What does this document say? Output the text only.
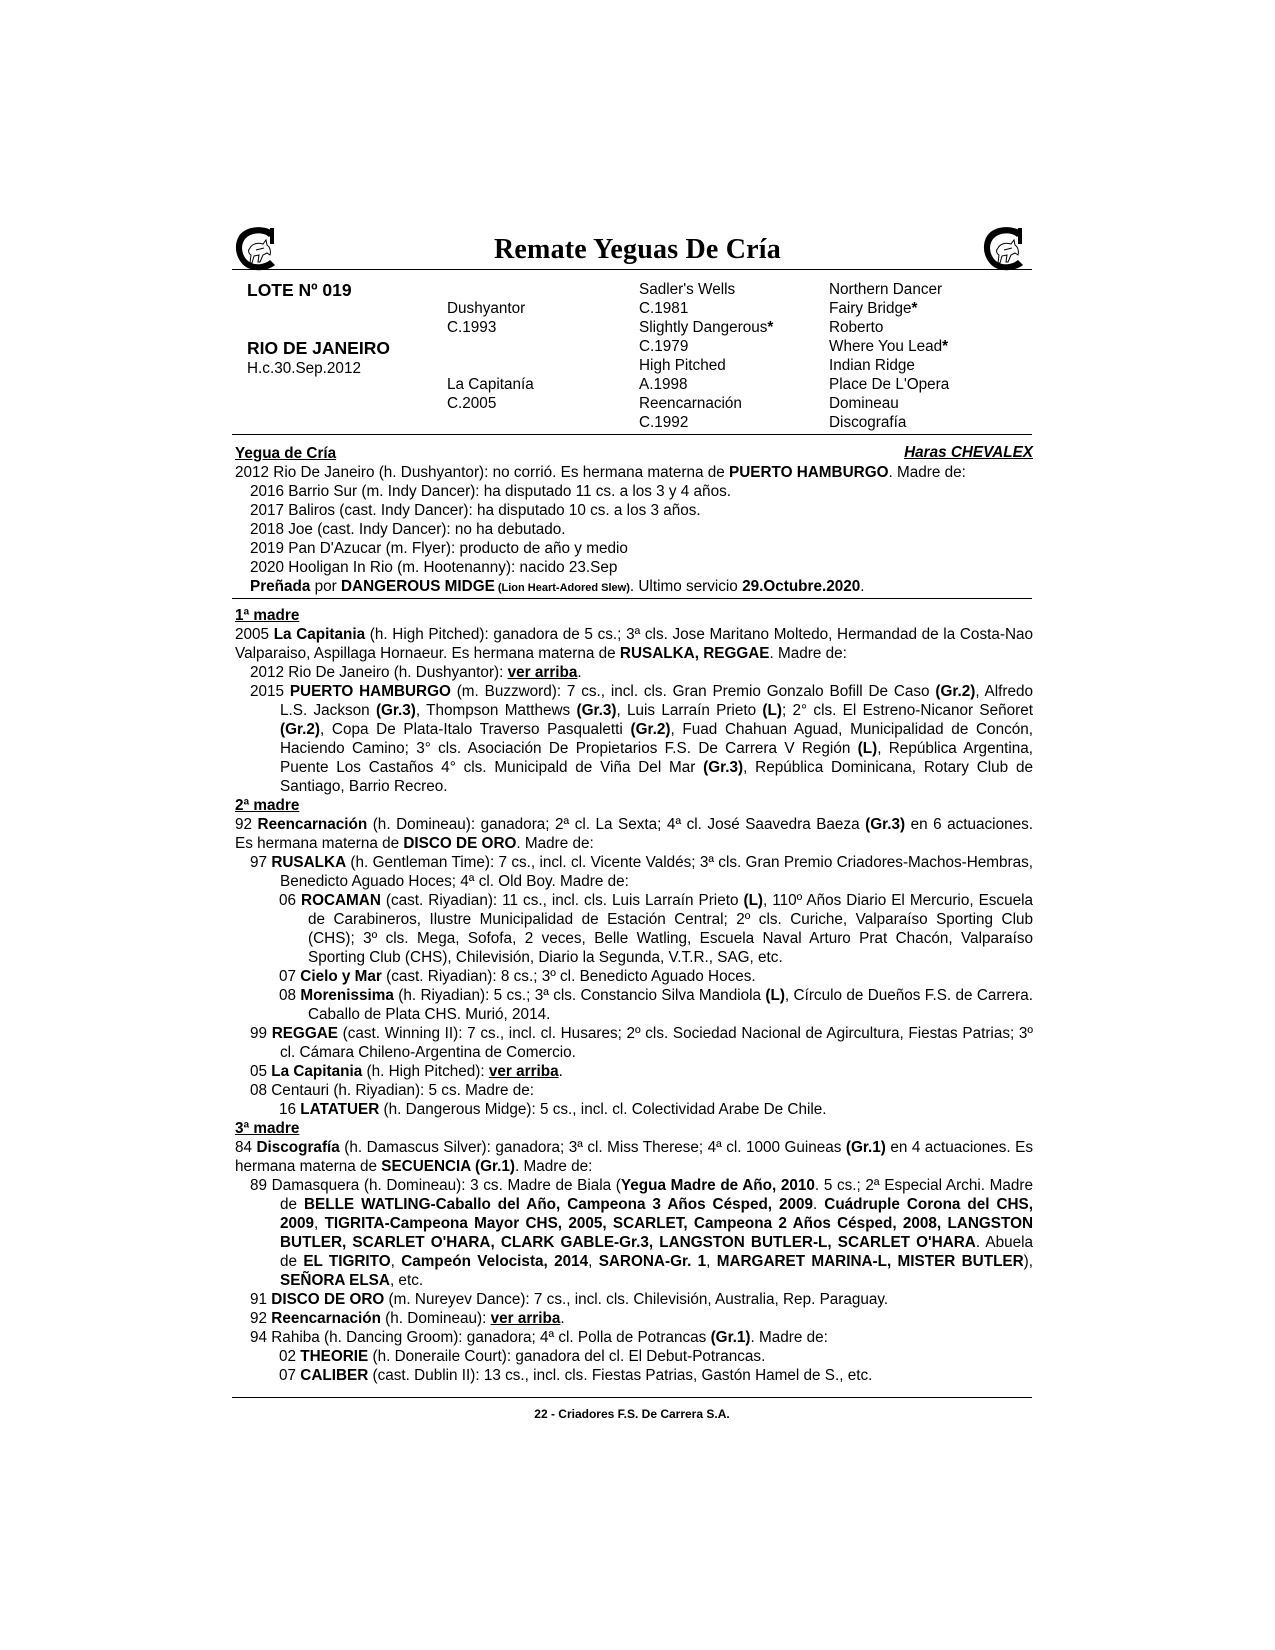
Remate Yeguas De Cría
LOTE Nº 019
RIO DE JANEIRO
H.c.30.Sep.2012
Dushyantor
C.1993
La Capitanía
C.2005
Sadler's Wells
C.1981
Slightly Dangerous*
C.1979
High Pitched
A.1998
Reencarnación
C.1992
Northern Dancer
Fairy Bridge*
Roberto
Where You Lead*
Indian Ridge
Place De L'Opera
Domineau
Discografía
Yegua de Cría	Haras CHEVALEX
2012 Rio De Janeiro (h. Dushyantor): no corrió. Es hermana materna de PUERTO HAMBURGO. Madre de:
2016 Barrio Sur (m. Indy Dancer): ha disputado 11 cs. a los 3 y 4 años.
2017 Baliros (cast. Indy Dancer): ha disputado 10 cs. a los 3 años.
2018 Joe (cast. Indy Dancer): no ha debutado.
2019 Pan D'Azucar (m. Flyer): producto de año y medio
2020 Hooligan In Rio (m. Hootenanny): nacido 23.Sep
Preñada por DANGEROUS MIDGE (Lion Heart-Adored Slew). Ultimo servicio 29.Octubre.2020.
1ª madre
2005 La Capitania (h. High Pitched): ganadora de 5 cs.; 3ª cls. Jose Maritano Moltedo, Hermandad de la Costa-Nao Valparaiso, Aspillaga Hornaeur. Es hermana materna de RUSALKA, REGGAE. Madre de:
2012 Rio De Janeiro (h. Dushyantor): ver arriba.
2015 PUERTO HAMBURGO (m. Buzzword): 7 cs., incl. cls. Gran Premio Gonzalo Bofill De Caso (Gr.2), Alfredo L.S. Jackson (Gr.3), Thompson Matthews (Gr.3), Luis Larraín Prieto (L); 2° cls. El Estreno-Nicanor Señoret (Gr.2), Copa De Plata-Italo Traverso Pasqualetti (Gr.2), Fuad Chahuan Aguad, Municipalidad de Concón, Haciendo Camino; 3° cls. Asociación De Propietarios F.S. De Carrera V Región (L), República Argentina, Puente Los Castaños 4° cls. Municipald de Viña Del Mar (Gr.3), República Dominicana, Rotary Club de Santiago, Barrio Recreo.
2ª madre
92 Reencarnación (h. Domineau): ganadora; 2ª cl. La Sexta; 4ª cl. José Saavedra Baeza (Gr.3) en 6 actuaciones. Es hermana materna de DISCO DE ORO. Madre de:
97 RUSALKA (h. Gentleman Time): 7 cs., incl. cl. Vicente Valdés; 3ª cls. Gran Premio Criadores-Machos-Hembras, Benedicto Aguado Hoces; 4ª cl. Old Boy. Madre de:
06 ROCAMAN (cast. Riyadian): 11 cs., incl. cls. Luis Larraín Prieto (L), 110º Años Diario El Mercurio, Escuela de Carabineros, Ilustre Municipalidad de Estación Central; 2º cls. Curiche, Valparaíso Sporting Club (CHS); 3º cls. Mega, Sofofa, 2 veces, Belle Watling, Escuela Naval Arturo Prat Chacón, Valparaíso Sporting Club (CHS), Chilevisión, Diario la Segunda, V.T.R., SAG, etc.
07 Cielo y Mar (cast. Riyadian): 8 cs.; 3º cl. Benedicto Aguado Hoces.
08 Morenissima (h. Riyadian): 5 cs.; 3ª cls. Constancio Silva Mandiola (L), Círculo de Dueños F.S. de Carrera. Caballo de Plata CHS. Murió, 2014.
99 REGGAE (cast. Winning II): 7 cs., incl. cl. Husares; 2º cls. Sociedad Nacional de Agircultura, Fiestas Patrias; 3º cl. Cámara Chileno-Argentina de Comercio.
05 La Capitania (h. High Pitched): ver arriba.
08 Centauri (h. Riyadian): 5 cs. Madre de:
16 LATATUER (h. Dangerous Midge): 5 cs., incl. cl. Colectividad Arabe De Chile.
3ª madre
84 Discografía (h. Damascus Silver): ganadora; 3ª cl. Miss Therese; 4ª cl. 1000 Guineas (Gr.1) en 4 actuaciones. Es hermana materna de SECUENCIA (Gr.1). Madre de:
89 Damasquera (h. Domineau): 3 cs. Madre de Biala (Yegua Madre de Año, 2010. 5 cs.; 2ª Especial Archi. Madre de BELLE WATLING-Caballo del Año, Campeona 3 Años Césped, 2009. Cuádruple Corona del CHS, 2009, TIGRITA-Campeona Mayor CHS, 2005, SCARLET, Campeona 2 Años Césped, 2008, LANGSTON BUTLER, SCARLET O'HARA, CLARK GABLE-Gr.3, LANGSTON BUTLER-L, SCARLET O'HARA. Abuela de EL TIGRITO, Campeón Velocista, 2014, SARONA-Gr. 1, MARGARET MARINA-L, MISTER BUTLER), SEÑORA ELSA, etc.
91 DISCO DE ORO (m. Nureyev Dance): 7 cs., incl. cls. Chilevisión, Australia, Rep. Paraguay.
92 Reencarnación (h. Domineau): ver arriba.
94 Rahiba (h. Dancing Groom): ganadora; 4ª cl. Polla de Potrancas (Gr.1). Madre de:
02 THEORIE (h. Doneraile Court): ganadora del cl. El Debut-Potrancas.
07 CALIBER (cast. Dublin II): 13 cs., incl. cls. Fiestas Patrias, Gastón Hamel de S., etc.
22 - Criadores F.S. De Carrera S.A.
